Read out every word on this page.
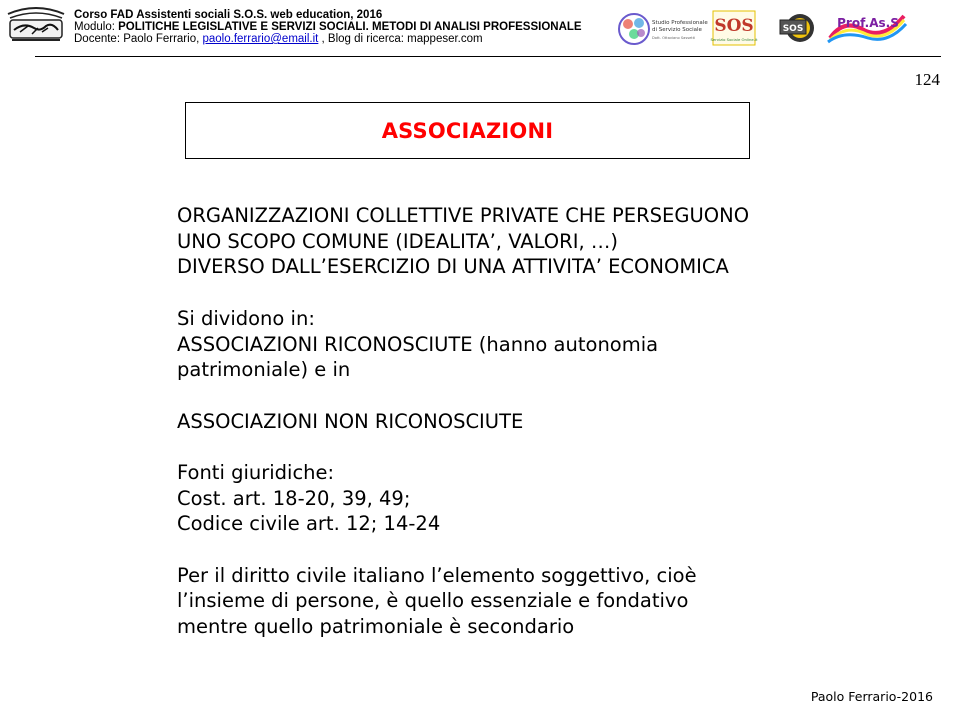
Corso FAD Assistenti sociali S.O.S. web education, 2016
Modulo: POLITICHE LEGISLATIVE E SERVIZI SOCIALI. METODI DI ANALISI PROFESSIONALE
Docente: Paolo Ferrario, paolo.ferrario@email.it , Blog di ricerca: mappeser.com
Studio Professionale
di Servizio Sociale
Dott. Ottaviano Sassetti
SOS
Servizio Sociale Online.it
SOS	Prof.As.S
124
ASSOCIAZIONI

ORGANIZZAZIONI COLLETTIVE PRIVATE CHE PERSEGUONO

UNO SCOPO COMUNE (IDEALITA’, VALORI, …)

DIVERSO DALL’ESERCIZIO DI UNA ATTIVITA’ ECONOMICA

Si dividono in:

ASSOCIAZIONI RICONOSCIUTE (hanno autonomia

patrimoniale) e in

ASSOCIAZIONI NON RICONOSCIUTE

Fonti giuridiche:

Cost. art. 18-20, 39, 49;

Codice civile art. 12; 14-24

Per il diritto civile italiano l’elemento soggettivo, cioè

l’insieme di persone, è quello essenziale e fondativo

mentre quello patrimoniale è secondario

Paolo Ferrario-2016
